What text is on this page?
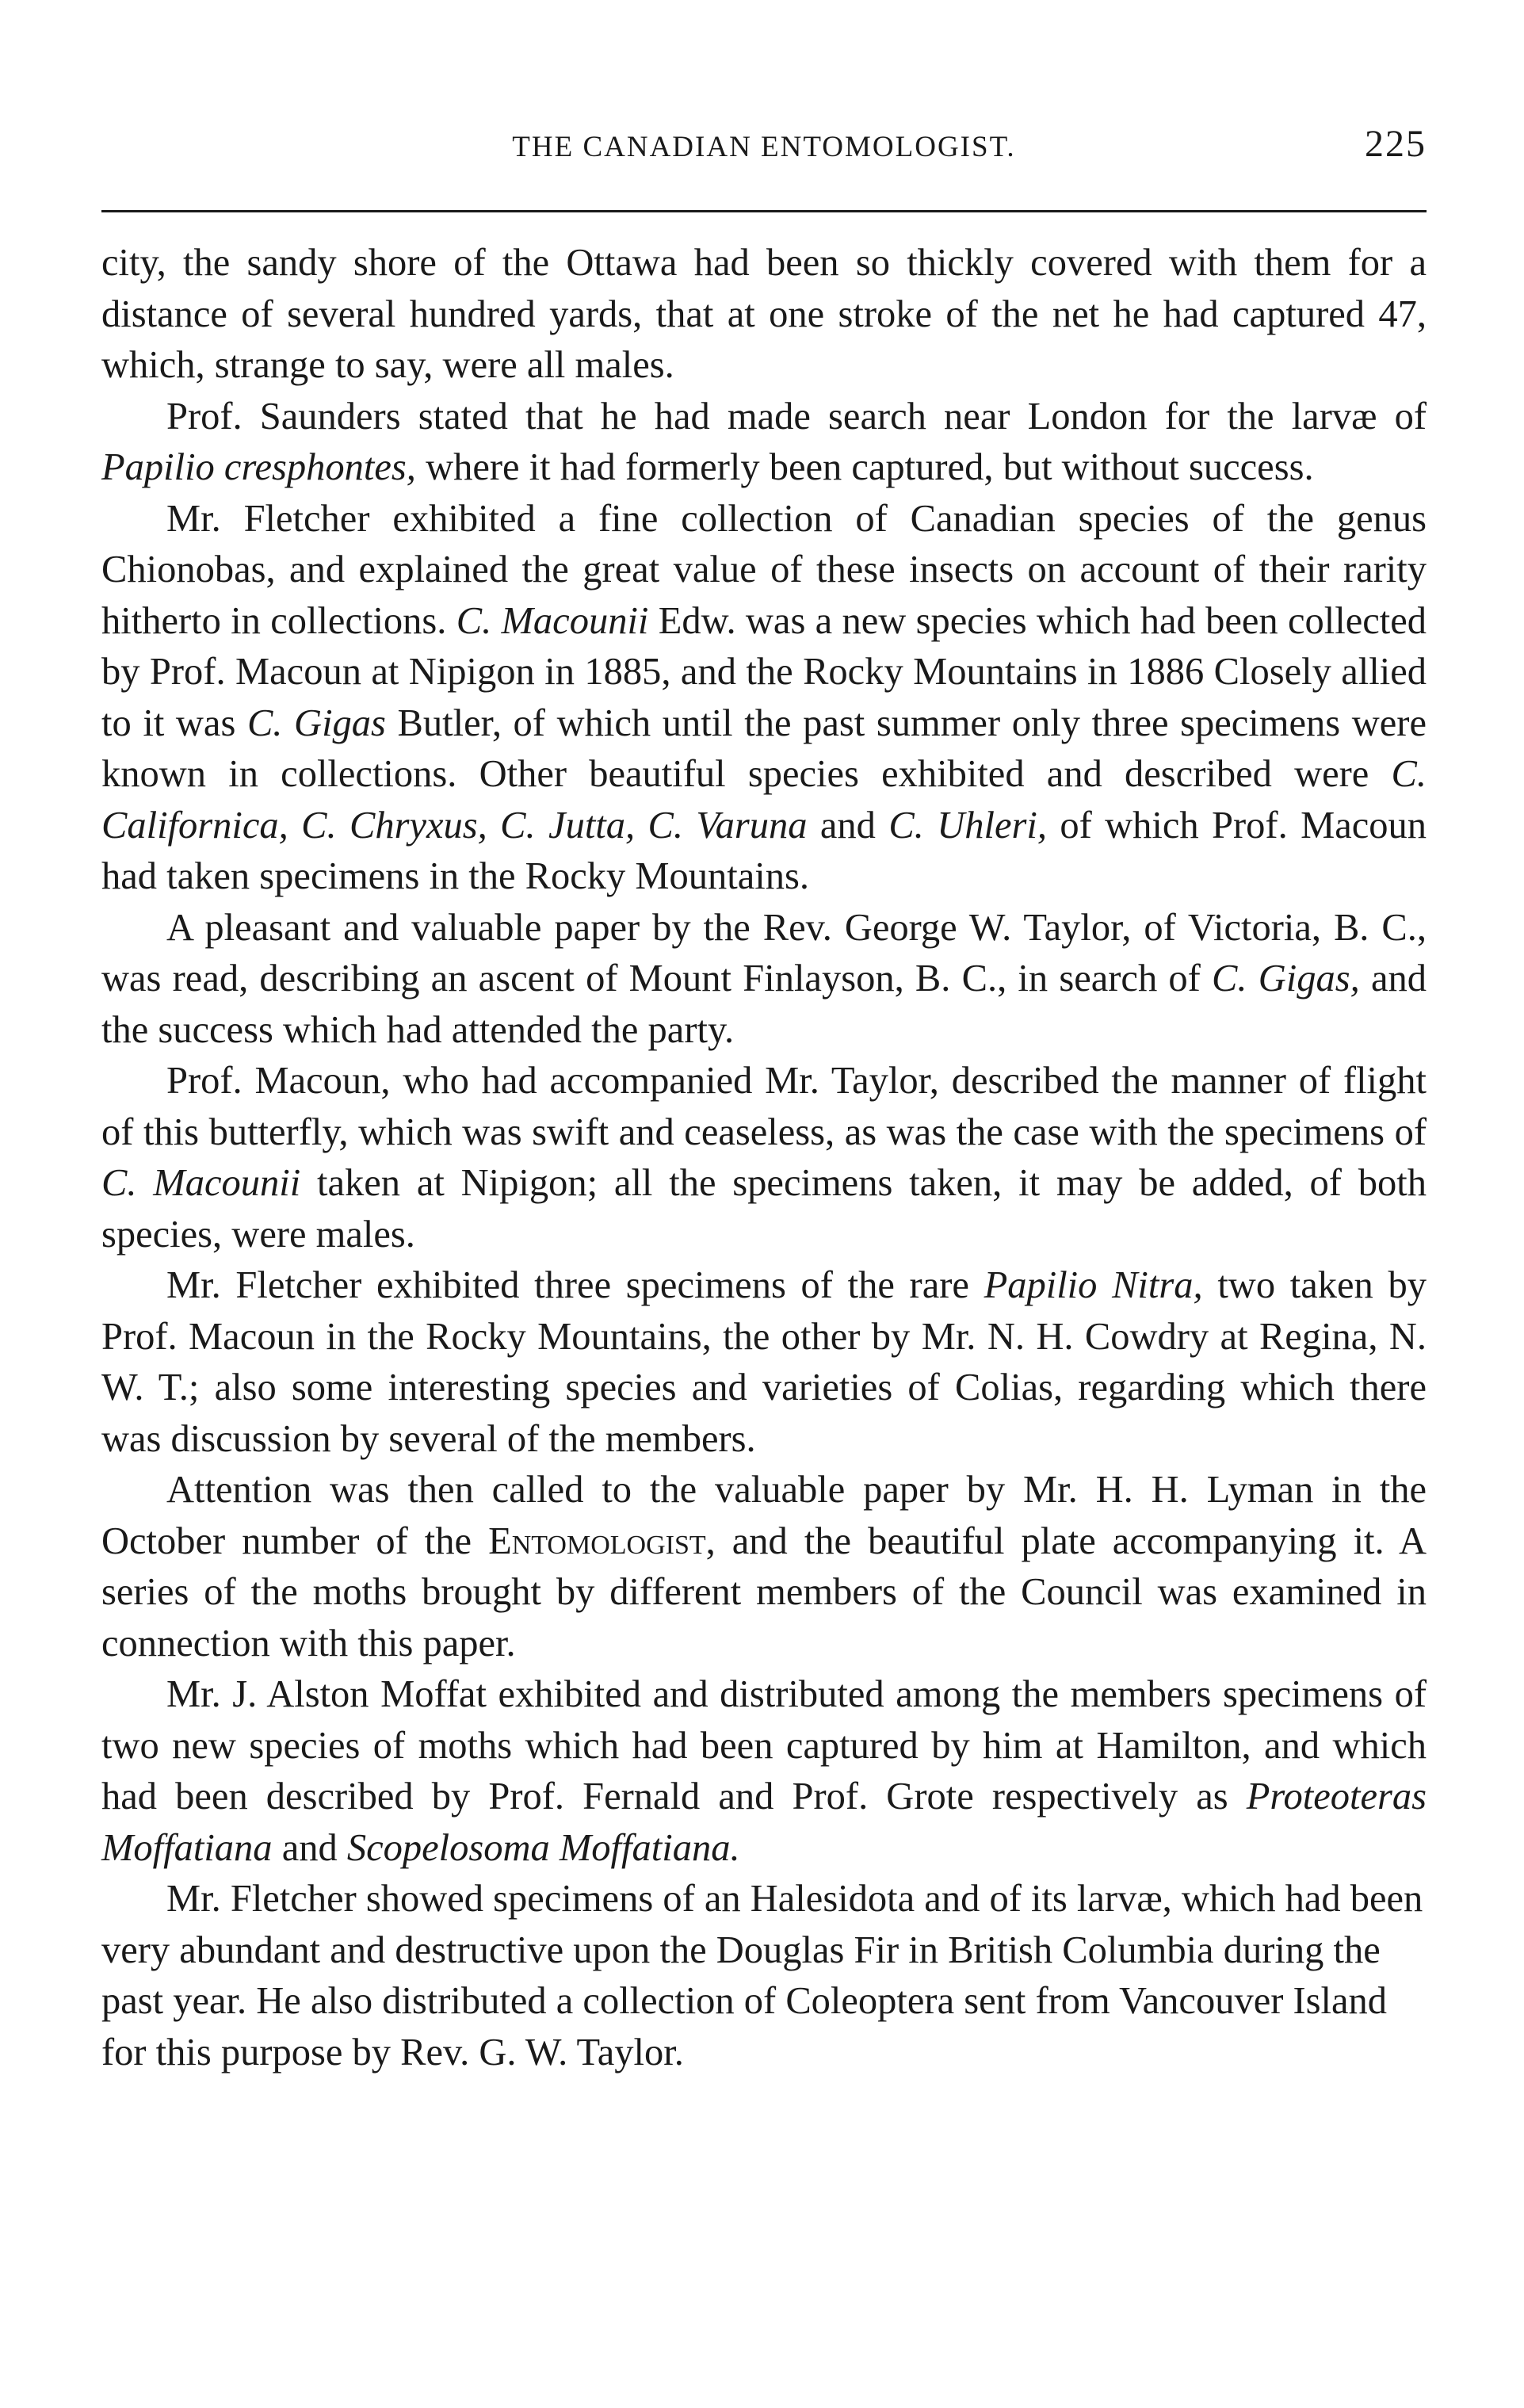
THE CANADIAN ENTOMOLOGIST.	225

city, the sandy shore of the Ottawa had been so thickly covered with them for a distance of several hundred yards, that at one stroke of the net he had captured 47, which, strange to say, were all males.

Prof. Saunders stated that he had made search near London for the larvæ of Papilio cresphontes, where it had formerly been captured, but without success.

Mr. Fletcher exhibited a fine collection of Canadian species of the genus Chionobas, and explained the great value of these insects on account of their rarity hitherto in collections. C. Macounii Edw. was a new species which had been collected by Prof. Macoun at Nipigon in 1885, and the Rocky Mountains in 1886 Closely allied to it was C. Gigas Butler, of which until the past summer only three specimens were known in collections. Other beautiful species exhibited and described were C. Californica, C. Chryxus, C. Jutta, C. Varuna and C. Uhleri, of which Prof. Macoun had taken specimens in the Rocky Mountains.

A pleasant and valuable paper by the Rev. George W. Taylor, of Victoria, B. C., was read, describing an ascent of Mount Finlayson, B. C., in search of C. Gigas, and the success which had attended the party.

Prof. Macoun, who had accompanied Mr. Taylor, described the manner of flight of this butterfly, which was swift and ceaseless, as was the case with the specimens of C. Macounii taken at Nipigon; all the specimens taken, it may be added, of both species, were males.

Mr. Fletcher exhibited three specimens of the rare Papilio Nitra, two taken by Prof. Macoun in the Rocky Mountains, the other by Mr. N. H. Cowdry at Regina, N. W. T.; also some interesting species and varieties of Colias, regarding which there was discussion by several of the members.

Attention was then called to the valuable paper by Mr. H. H. Lyman in the October number of the Entomologist, and the beautiful plate accompanying it. A series of the moths brought by different members of the Council was examined in connection with this paper.

Mr. J. Alston Moffat exhibited and distributed among the members specimens of two new species of moths which had been captured by him at Hamilton, and which had been described by Prof. Fernald and Prof. Grote respectively as Proteoteras Moffatiana and Scopelosoma Moffatiana.

Mr. Fletcher showed specimens of an Halesidota and of its larvæ, which had been very abundant and destructive upon the Douglas Fir in British Columbia during the past year. He also distributed a collection of Coleoptera sent from Vancouver Island for this purpose by Rev. G. W. Taylor.
